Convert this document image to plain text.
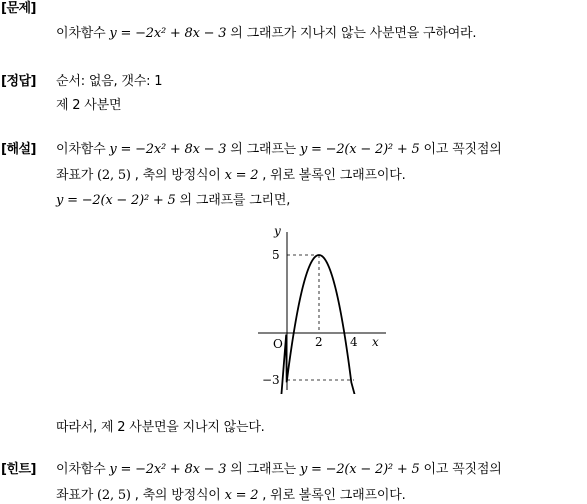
[문제]
이차함수 y = −2x² + 8x − 3 의 그래프가 지나지 않는 사분면을 구하여라.
[정답] 순서: 없음, 갯수: 1
제 2 사분면
[해설] 이차함수 y = −2x² + 8x − 3 의 그래프는 y = −2(x − 2)² + 5 이고 꼭짓점의
좌표가 (2, 5) , 축의 방정식이 x = 2 , 위로 볼록인 그래프이다.
y = −2(x − 2)² + 5 의 그래프를 그리면,
y
x
O
5
−3
2 4
따라서, 제 2 사분면을 지나지 않는다.
[힌트] 이차함수 y = −2x² + 8x − 3 의 그래프는 y = −2(x − 2)² + 5 이고 꼭짓점의
좌표가 (2, 5) , 축의 방정식이 x = 2 , 위로 볼록인 그래프이다.
